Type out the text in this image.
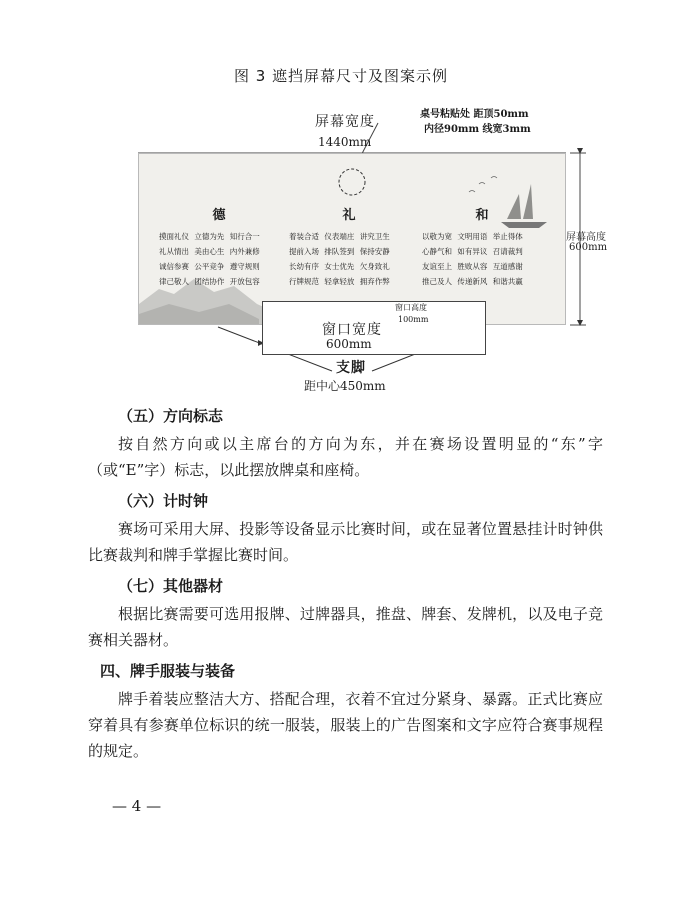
图 3 遮挡屏幕尺寸及图案示例
屏幕宽度
1440mm
桌号粘贴处 距顶50mm
内径90mm 线宽3mm
德
摸面礼仪 立德为先 知行合一
礼从情出 美由心生 内外兼修
诚信参赛 公平竞争 遵守规则
律己敬人 团结协作 开放包容
礼
着装合适 仪表端庄 讲究卫生
提前入场 排队签到 保持安静
长幼有序 女士优先 欠身致礼
行牌规范 轻拿轻放 拥弃作弊
和
以敬为宽 文明用语 举止得体
心静气和 如有异议 召请裁判
友谊至上 胜败从容 互道感谢
推己及人 传递新风 和谐共赢
屏幕高度
600mm
窗口宽度
600mm
窗口高度
100mm
支脚
距中心450mm
（五）方向标志
按自然方向或以主席台的方向为东，并在赛场设置明显的“东”字（或“E”字）标志，以此摆放牌桌和座椅。
（六）计时钟
赛场可采用大屏、投影等设备显示比赛时间，或在显著位置悬挂计时钟供比赛裁判和牌手掌握比赛时间。
（七）其他器材
根据比赛需要可选用报牌、过牌器具，推盘、牌套、发牌机，以及电子竞赛相关器材。
四、牌手服装与装备
牌手着装应整洁大方、搭配合理，衣着不宜过分紧身、暴露。正式比赛应穿着具有参赛单位标识的统一服装，服装上的广告图案和文字应符合赛事规程的规定。
— 4 —
